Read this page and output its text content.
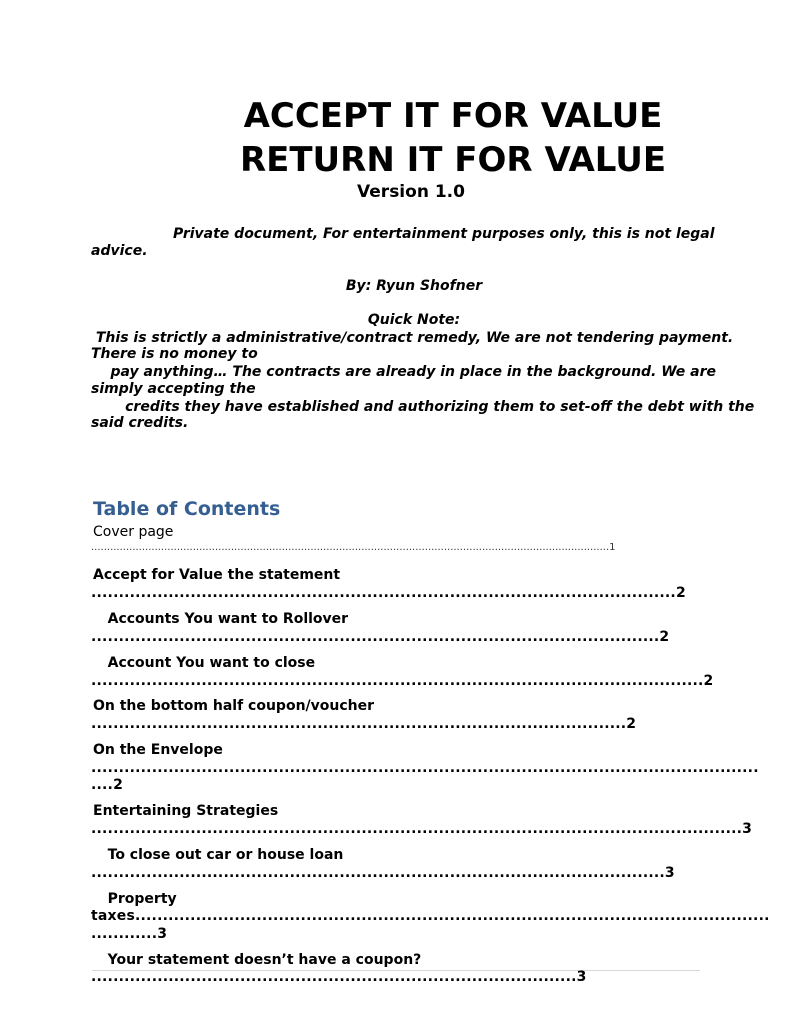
ACCEPT IT FOR VALUE
RETURN IT FOR VALUE
Version 1.0
Private document, For entertainment purposes only, this is not legal
advice.
By: Ryun Shofner
Quick Note:
This is strictly a administrative/contract remedy, We are not tendering payment.
There is no money to
pay anything… The contracts are already in place in the background. We are
simply accepting the
credits they have established and authorizing them to set-off the debt with the
said credits.
Table of Contents
Cover page
...................................................................................................................................................................1
Accept for Value the statement
..........................................................................................................2
Accounts You want to Rollover
.......................................................................................................2
Account You want to close
...............................................................................................................2
On the bottom half coupon/voucher
.................................................................................................2
On the Envelope
.........................................................................................................................
....2
Entertaining Strategies
......................................................................................................................3
To close out car or house loan
........................................................................................................3
Property
taxes...................................................................................................................
............3
Your statement doesn’t have a coupon?
........................................................................................3
